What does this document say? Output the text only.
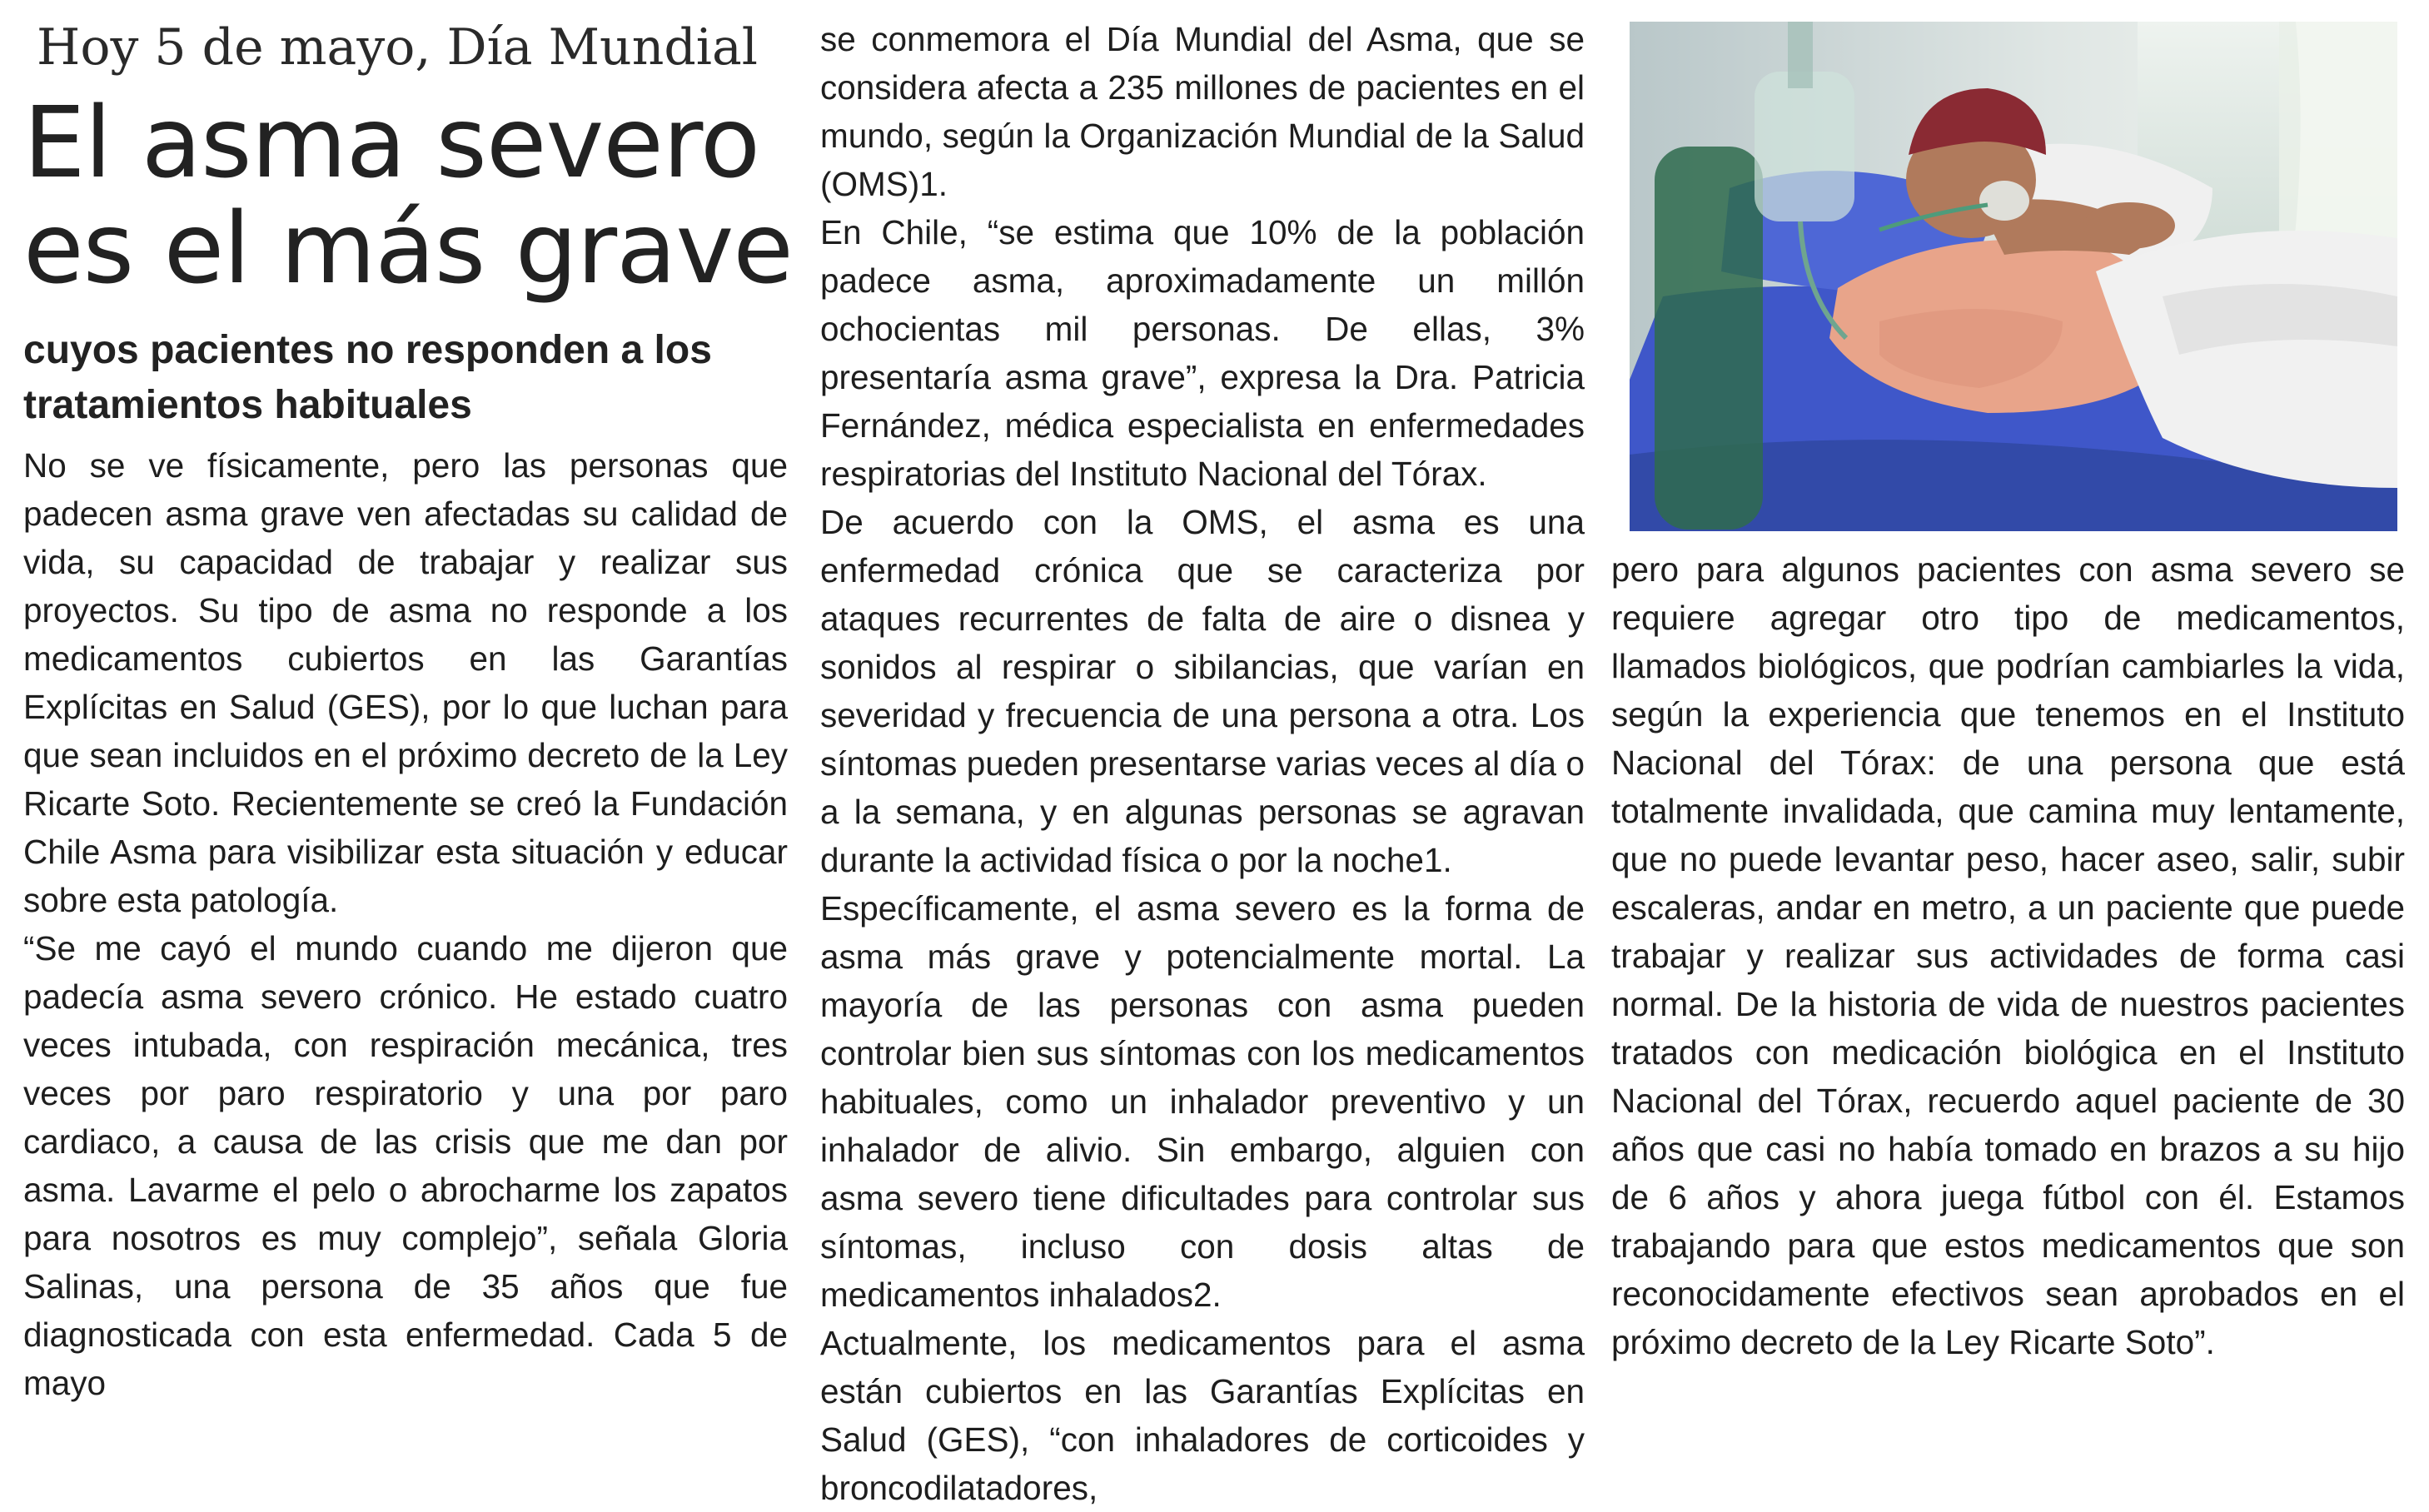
Hoy 5 de mayo, Día Mundial
El asma severo
es el más grave
cuyos pacientes no responden a los tratamientos habituales

No se ve físicamente, pero las personas que padecen asma grave ven afectadas su calidad de vida, su capacidad de trabajar y realizar sus proyectos. Su tipo de asma no responde a los medicamentos cubiertos en las Garantías Explícitas en Salud (GES), por lo que luchan para que sean incluidos en el próximo decreto de la Ley Ricarte Soto. Recientemente se creó la Fundación Chile Asma para visibilizar esta situación y educar sobre esta patología.

“Se me cayó el mundo cuando me dijeron que padecía asma severo crónico. He estado cuatro veces intubada, con respiración mecánica, tres veces por paro respiratorio y una por paro cardiaco, a causa de las crisis que me dan por asma. Lavarme el pelo o abrocharme los zapatos para nosotros es muy complejo”, señala Gloria Salinas, una persona de 35 años que fue diagnosticada con esta enfermedad. Cada 5 de mayo

se conmemora el Día Mundial del Asma, que se considera afecta a 235 millones de pacientes en el mundo, según la Organización Mundial de la Salud (OMS)1.

En Chile, “se estima que 10% de la población padece asma, aproximadamente un millón ochocientas mil personas. De ellas, 3% presentaría asma grave”, expresa la Dra. Patricia Fernández, médica especialista en enfermedades respiratorias del Instituto Nacional del Tórax.

De acuerdo con la OMS, el asma es una enfermedad crónica que se caracteriza por ataques recurrentes de falta de aire o disnea y sonidos al respirar o sibilancias, que varían en severidad y frecuencia de una persona a otra. Los síntomas pueden presentarse varias veces al día o a la semana, y en algunas personas se agravan durante la actividad física o por la noche1.

Específicamente, el asma severo es la forma de asma más grave y potencialmente mortal. La mayoría de las personas con asma pueden controlar bien sus síntomas con los medicamentos habituales, como un inhalador preventivo y un inhalador de alivio. Sin embargo, alguien con asma severo tiene dificultades para controlar sus síntomas, incluso con dosis altas de medicamentos inhalados2.

Actualmente, los medicamentos para el asma están cubiertos en las Garantías Explícitas en Salud (GES), “con inhaladores de corticoides y broncodilatadores,

pero para algunos pacientes con asma severo se requiere agregar otro tipo de medicamentos, llamados biológicos, que podrían cambiarles la vida, según la experiencia que tenemos en el Instituto Nacional del Tórax: de una persona que está totalmente invalidada, que camina muy lentamente, que no puede levantar peso, hacer aseo, salir, subir escaleras, andar en metro, a un paciente que puede trabajar y realizar sus actividades de forma casi normal. De la historia de vida de nuestros pacientes tratados con medicación biológica en el Instituto Nacional del Tórax, recuerdo aquel paciente de 30 años que casi no había tomado en brazos a su hijo de 6 años y ahora juega fútbol con él. Estamos trabajando para que estos medicamentos que son reconocidamente efectivos sean aprobados en el próximo decreto de la Ley Ricarte Soto”.
